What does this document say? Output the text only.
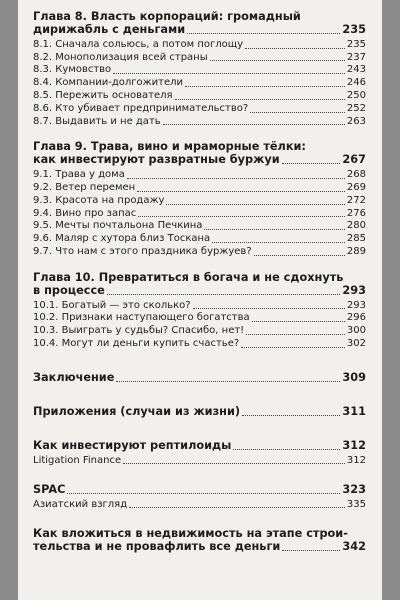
Глава 8. Власть корпораций: громадный
дирижабль с деньгами	235
8.1. Сначала сольюсь, а потом поглощу	235
8.2. Монополизация всей страны	237
8.3. Кумовство	243
8.4. Компании-долгожители	246
8.5. Пережить основателя	250
8.6. Кто убивает предпринимательство?	252
8.7. Выдавить и не дать	263
Глава 9. Трава, вино и мраморные тёлки:
как инвестируют развратные буржуи	267
9.1. Трава у дома	268
9.2. Ветер перемен	269
9.3. Красота на продажу	272
9.4. Вино про запас	276
9.5. Мечты почтальона Печкина	280
9.6. Маляр с хутора близ Тоскана	285
9.7. Что нам с этого праздника буржуев?	289
Глава 10. Превратиться в богача и не сдохнуть
в процессе	293
10.1. Богатый — это сколько?	293
10.2. Признаки наступающего богатства	296
10.3. Выиграть у судьбы? Спасибо, нет!	300
10.4. Могут ли деньги купить счастье?	302
Заключение	309
Приложения (случаи из жизни)	311
Как инвестируют рептилоиды	312
Litigation Finance	312
SPAC	323
Азиатский взгляд	335
Как вложиться в недвижимость на этапе строи-
тельства и не провафлить все деньги	342
